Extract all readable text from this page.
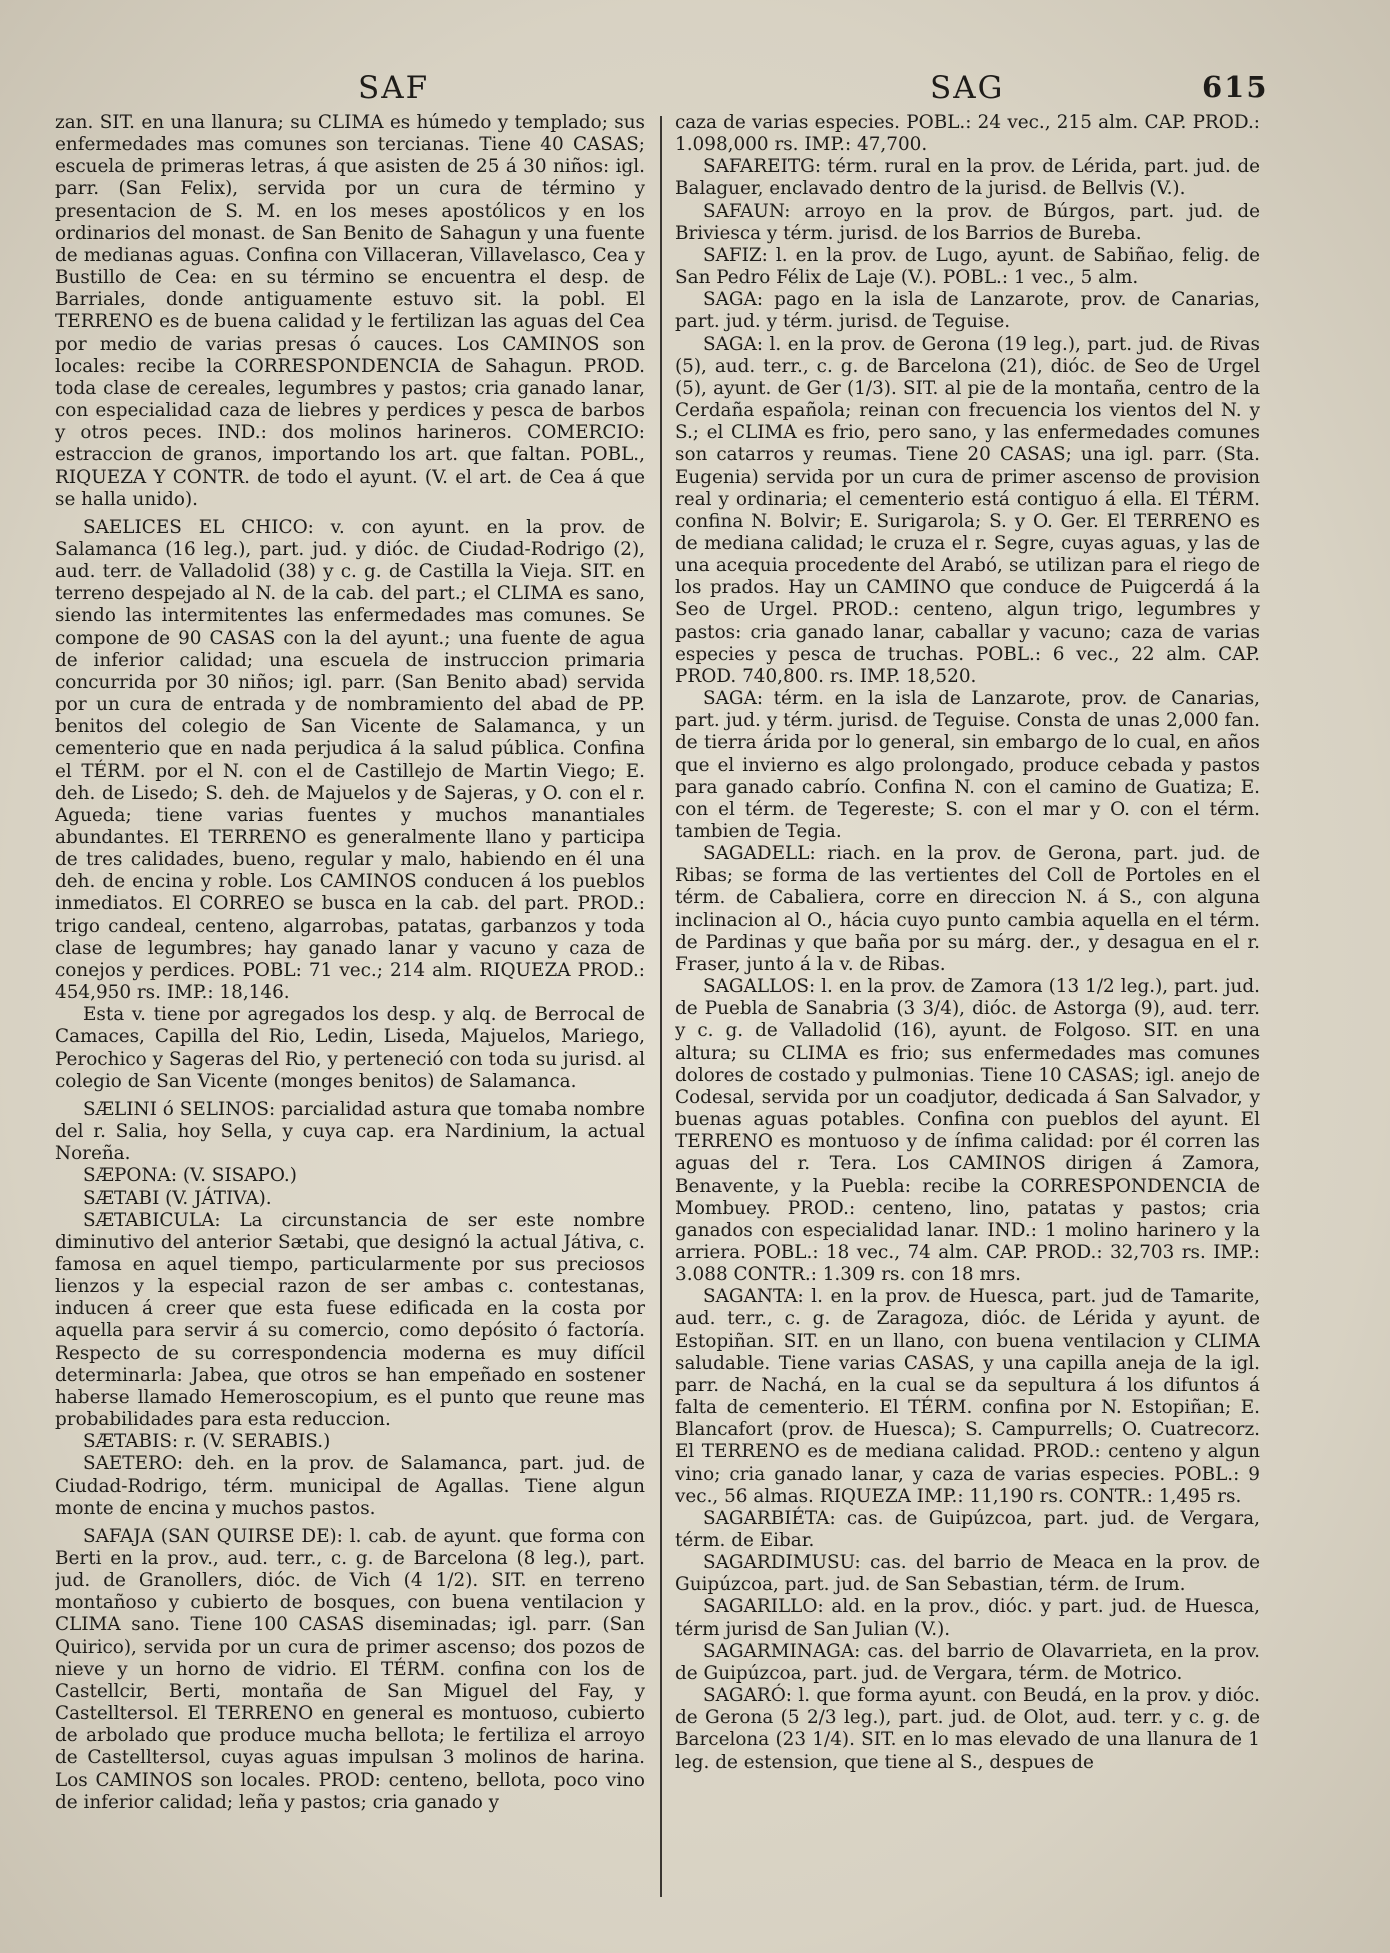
SAF	SAG	615

zan. SIT. en una llanura; su CLIMA es húmedo y templado; sus enfermedades mas comunes son tercianas. Tiene 40 CASAS; escuela de primeras letras, á que asisten de 25 á 30 niños: igl. parr. (San Felix), servida por un cura de término y presentacion de S. M. en los meses apostólicos y en los ordinarios del monast. de San Benito de Sahagun y una fuente de medianas aguas. Confina con Villaceran, Villavelasco, Cea y Bustillo de Cea: en su término se encuentra el desp. de Barriales, donde antiguamente estuvo sit. la pobl. El TERRENO es de buena calidad y le fertilizan las aguas del Cea por medio de varias presas ó cauces. Los CAMINOS son locales: recibe la CORRESPONDENCIA de Sahagun. PROD. toda clase de cereales, legumbres y pastos; cria ganado lanar, con especialidad caza de liebres y perdices y pesca de barbos y otros peces. IND.: dos molinos harineros. COMERCIO: estraccion de granos, importando los art. que faltan. POBL., RIQUEZA Y CONTR. de todo el ayunt. (V. el art. de Cea á que se halla unido).

SAELICES EL CHICO: v. con ayunt. en la prov. de Salamanca (16 leg.), part. jud. y dióc. de Ciudad-Rodrigo (2), aud. terr. de Valladolid (38) y c. g. de Castilla la Vieja. SIT. en terreno despejado al N. de la cab. del part.; el CLIMA es sano, siendo las intermitentes las enfermedades mas comunes. Se compone de 90 CASAS con la del ayunt.; una fuente de agua de inferior calidad; una escuela de instruccion primaria concurrida por 30 niños; igl. parr. (San Benito abad) servida por un cura de entrada y de nombramiento del abad de PP. benitos del colegio de San Vicente de Salamanca, y un cementerio que en nada perjudica á la salud pública. Confina el TÉRM. por el N. con el de Castillejo de Martin Viego; E. deh. de Lisedo; S. deh. de Majuelos y de Sajeras, y O. con el r. Agueda; tiene varias fuentes y muchos manantiales abundantes. El TERRENO es generalmente llano y participa de tres calidades, bueno, regular y malo, habiendo en él una deh. de encina y roble. Los CAMINOS conducen á los pueblos inmediatos. El CORREO se busca en la cab. del part. PROD.: trigo candeal, centeno, algarrobas, patatas, garbanzos y toda clase de legumbres; hay ganado lanar y vacuno y caza de conejos y perdices. POBL: 71 vec.; 214 alm. RIQUEZA PROD.: 454,950 rs. IMP.: 18,146.

Esta v. tiene por agregados los desp. y alq. de Berrocal de Camaces, Capilla del Rio, Ledin, Liseda, Majuelos, Mariego, Perochico y Sageras del Rio, y perteneció con toda su jurisd. al colegio de San Vicente (monges benitos) de Salamanca.

SÆLINI ó SELINOS: parcialidad astura que tomaba nombre del r. Salia, hoy Sella, y cuya cap. era Nardinium, la actual Noreña.

SÆPONA: (V. SISAPO.)

SÆTABI (V. JÁTIVA).

SÆTABICULA: La circunstancia de ser este nombre diminutivo del anterior Sætabi, que designó la actual Játiva, c. famosa en aquel tiempo, particularmente por sus preciosos lienzos y la especial razon de ser ambas c. contestanas, inducen á creer que esta fuese edificada en la costa por aquella para servir á su comercio, como depósito ó factoría. Respecto de su correspondencia moderna es muy difícil determinarla: Jabea, que otros se han empeñado en sostener haberse llamado Hemeroscopium, es el punto que reune mas probabilidades para esta reduccion.

SÆTABIS: r. (V. SERABIS.)

SAETERO: deh. en la prov. de Salamanca, part. jud. de Ciudad-Rodrigo, térm. municipal de Agallas. Tiene algun monte de encina y muchos pastos.

SAFAJA (SAN QUIRSE DE): l. cab. de ayunt. que forma con Berti en la prov., aud. terr., c. g. de Barcelona (8 leg.), part. jud. de Granollers, dióc. de Vich (4 1/2). SIT. en terreno montañoso y cubierto de bosques, con buena ventilacion y CLIMA sano. Tiene 100 CASAS diseminadas; igl. parr. (San Quirico), servida por un cura de primer ascenso; dos pozos de nieve y un horno de vidrio. El TÉRM. confina con los de Castellcir, Berti, montaña de San Miguel del Fay, y Castelltersol. El TERRENO en general es montuoso, cubierto de arbolado que produce mucha bellota; le fertiliza el arroyo de Castelltersol, cuyas aguas impulsan 3 molinos de harina. Los CAMINOS son locales. PROD: centeno, bellota, poco vino de inferior calidad; leña y pastos; cria ganado y

caza de varias especies. POBL.: 24 vec., 215 alm. CAP. PROD.: 1.098,000 rs. IMP.: 47,700.

SAFAREITG: térm. rural en la prov. de Lérida, part. jud. de Balaguer, enclavado dentro de la jurisd. de Bellvis (V.).

SAFAUN: arroyo en la prov. de Búrgos, part. jud. de Briviesca y térm. jurisd. de los Barrios de Bureba.

SAFIZ: l. en la prov. de Lugo, ayunt. de Sabiñao, felig. de San Pedro Félix de Laje (V.). POBL.: 1 vec., 5 alm.

SAGA: pago en la isla de Lanzarote, prov. de Canarias, part. jud. y térm. jurisd. de Teguise.

SAGA: l. en la prov. de Gerona (19 leg.), part. jud. de Rivas (5), aud. terr., c. g. de Barcelona (21), dióc. de Seo de Urgel (5), ayunt. de Ger (1/3). SIT. al pie de la montaña, centro de la Cerdaña española; reinan con frecuencia los vientos del N. y S.; el CLIMA es frio, pero sano, y las enfermedades comunes son catarros y reumas. Tiene 20 CASAS; una igl. parr. (Sta. Eugenia) servida por un cura de primer ascenso de provision real y ordinaria; el cementerio está contiguo á ella. El TÉRM. confina N. Bolvir; E. Surigarola; S. y O. Ger. El TERRENO es de mediana calidad; le cruza el r. Segre, cuyas aguas, y las de una acequia procedente del Arabó, se utilizan para el riego de los prados. Hay un CAMINO que conduce de Puigcerdá á la Seo de Urgel. PROD.: centeno, algun trigo, legumbres y pastos: cria ganado lanar, caballar y vacuno; caza de varias especies y pesca de truchas. POBL.: 6 vec., 22 alm. CAP. PROD. 740,800. rs. IMP. 18,520.

SAGA: térm. en la isla de Lanzarote, prov. de Canarias, part. jud. y térm. jurisd. de Teguise. Consta de unas 2,000 fan. de tierra árida por lo general, sin embargo de lo cual, en años que el invierno es algo prolongado, produce cebada y pastos para ganado cabrío. Confina N. con el camino de Guatiza; E. con el térm. de Tegereste; S. con el mar y O. con el térm. tambien de Tegia.

SAGADELL: riach. en la prov. de Gerona, part. jud. de Ribas; se forma de las vertientes del Coll de Portoles en el térm. de Cabaliera, corre en direccion N. á S., con alguna inclinacion al O., hácia cuyo punto cambia aquella en el térm. de Pardinas y que baña por su márg. der., y desagua en el r. Fraser, junto á la v. de Ribas.

SAGALLOS: l. en la prov. de Zamora (13 1/2 leg.), part. jud. de Puebla de Sanabria (3 3/4), dióc. de Astorga (9), aud. terr. y c. g. de Valladolid (16), ayunt. de Folgoso. SIT. en una altura; su CLIMA es frio; sus enfermedades mas comunes dolores de costado y pulmonias. Tiene 10 CASAS; igl. anejo de Codesal, servida por un coadjutor, dedicada á San Salvador, y buenas aguas potables. Confina con pueblos del ayunt. El TERRENO es montuoso y de ínfima calidad: por él corren las aguas del r. Tera. Los CAMINOS dirigen á Zamora, Benavente, y la Puebla: recibe la CORRESPONDENCIA de Mombuey. PROD.: centeno, lino, patatas y pastos; cria ganados con especialidad lanar. IND.: 1 molino harinero y la arriera. POBL.: 18 vec., 74 alm. CAP. PROD.: 32,703 rs. IMP.: 3.088 CONTR.: 1.309 rs. con 18 mrs.

SAGANTA: l. en la prov. de Huesca, part. jud de Tamarite, aud. terr., c. g. de Zaragoza, dióc. de Lérida y ayunt. de Estopiñan. SIT. en un llano, con buena ventilacion y CLIMA saludable. Tiene varias CASAS, y una capilla aneja de la igl. parr. de Nachá, en la cual se da sepultura á los difuntos á falta de cementerio. El TÉRM. confina por N. Estopiñan; E. Blancafort (prov. de Huesca); S. Campurrells; O. Cuatrecorz. El TERRENO es de mediana calidad. PROD.: centeno y algun vino; cria ganado lanar, y caza de varias especies. POBL.: 9 vec., 56 almas. RIQUEZA IMP.: 11,190 rs. CONTR.: 1,495 rs.

SAGARBIÉTA: cas. de Guipúzcoa, part. jud. de Vergara, térm. de Eibar.

SAGARDIMUSU: cas. del barrio de Meaca en la prov. de Guipúzcoa, part. jud. de San Sebastian, térm. de Irum.

SAGARILLO: ald. en la prov., dióc. y part. jud. de Huesca, térm jurisd de San Julian (V.).

SAGARMINAGA: cas. del barrio de Olavarrieta, en la prov. de Guipúzcoa, part. jud. de Vergara, térm. de Motrico.

SAGARÓ: l. que forma ayunt. con Beudá, en la prov. y dióc. de Gerona (5 2/3 leg.), part. jud. de Olot, aud. terr. y c. g. de Barcelona (23 1/4). SIT. en lo mas elevado de una llanura de 1 leg. de estension, que tiene al S., despues de
